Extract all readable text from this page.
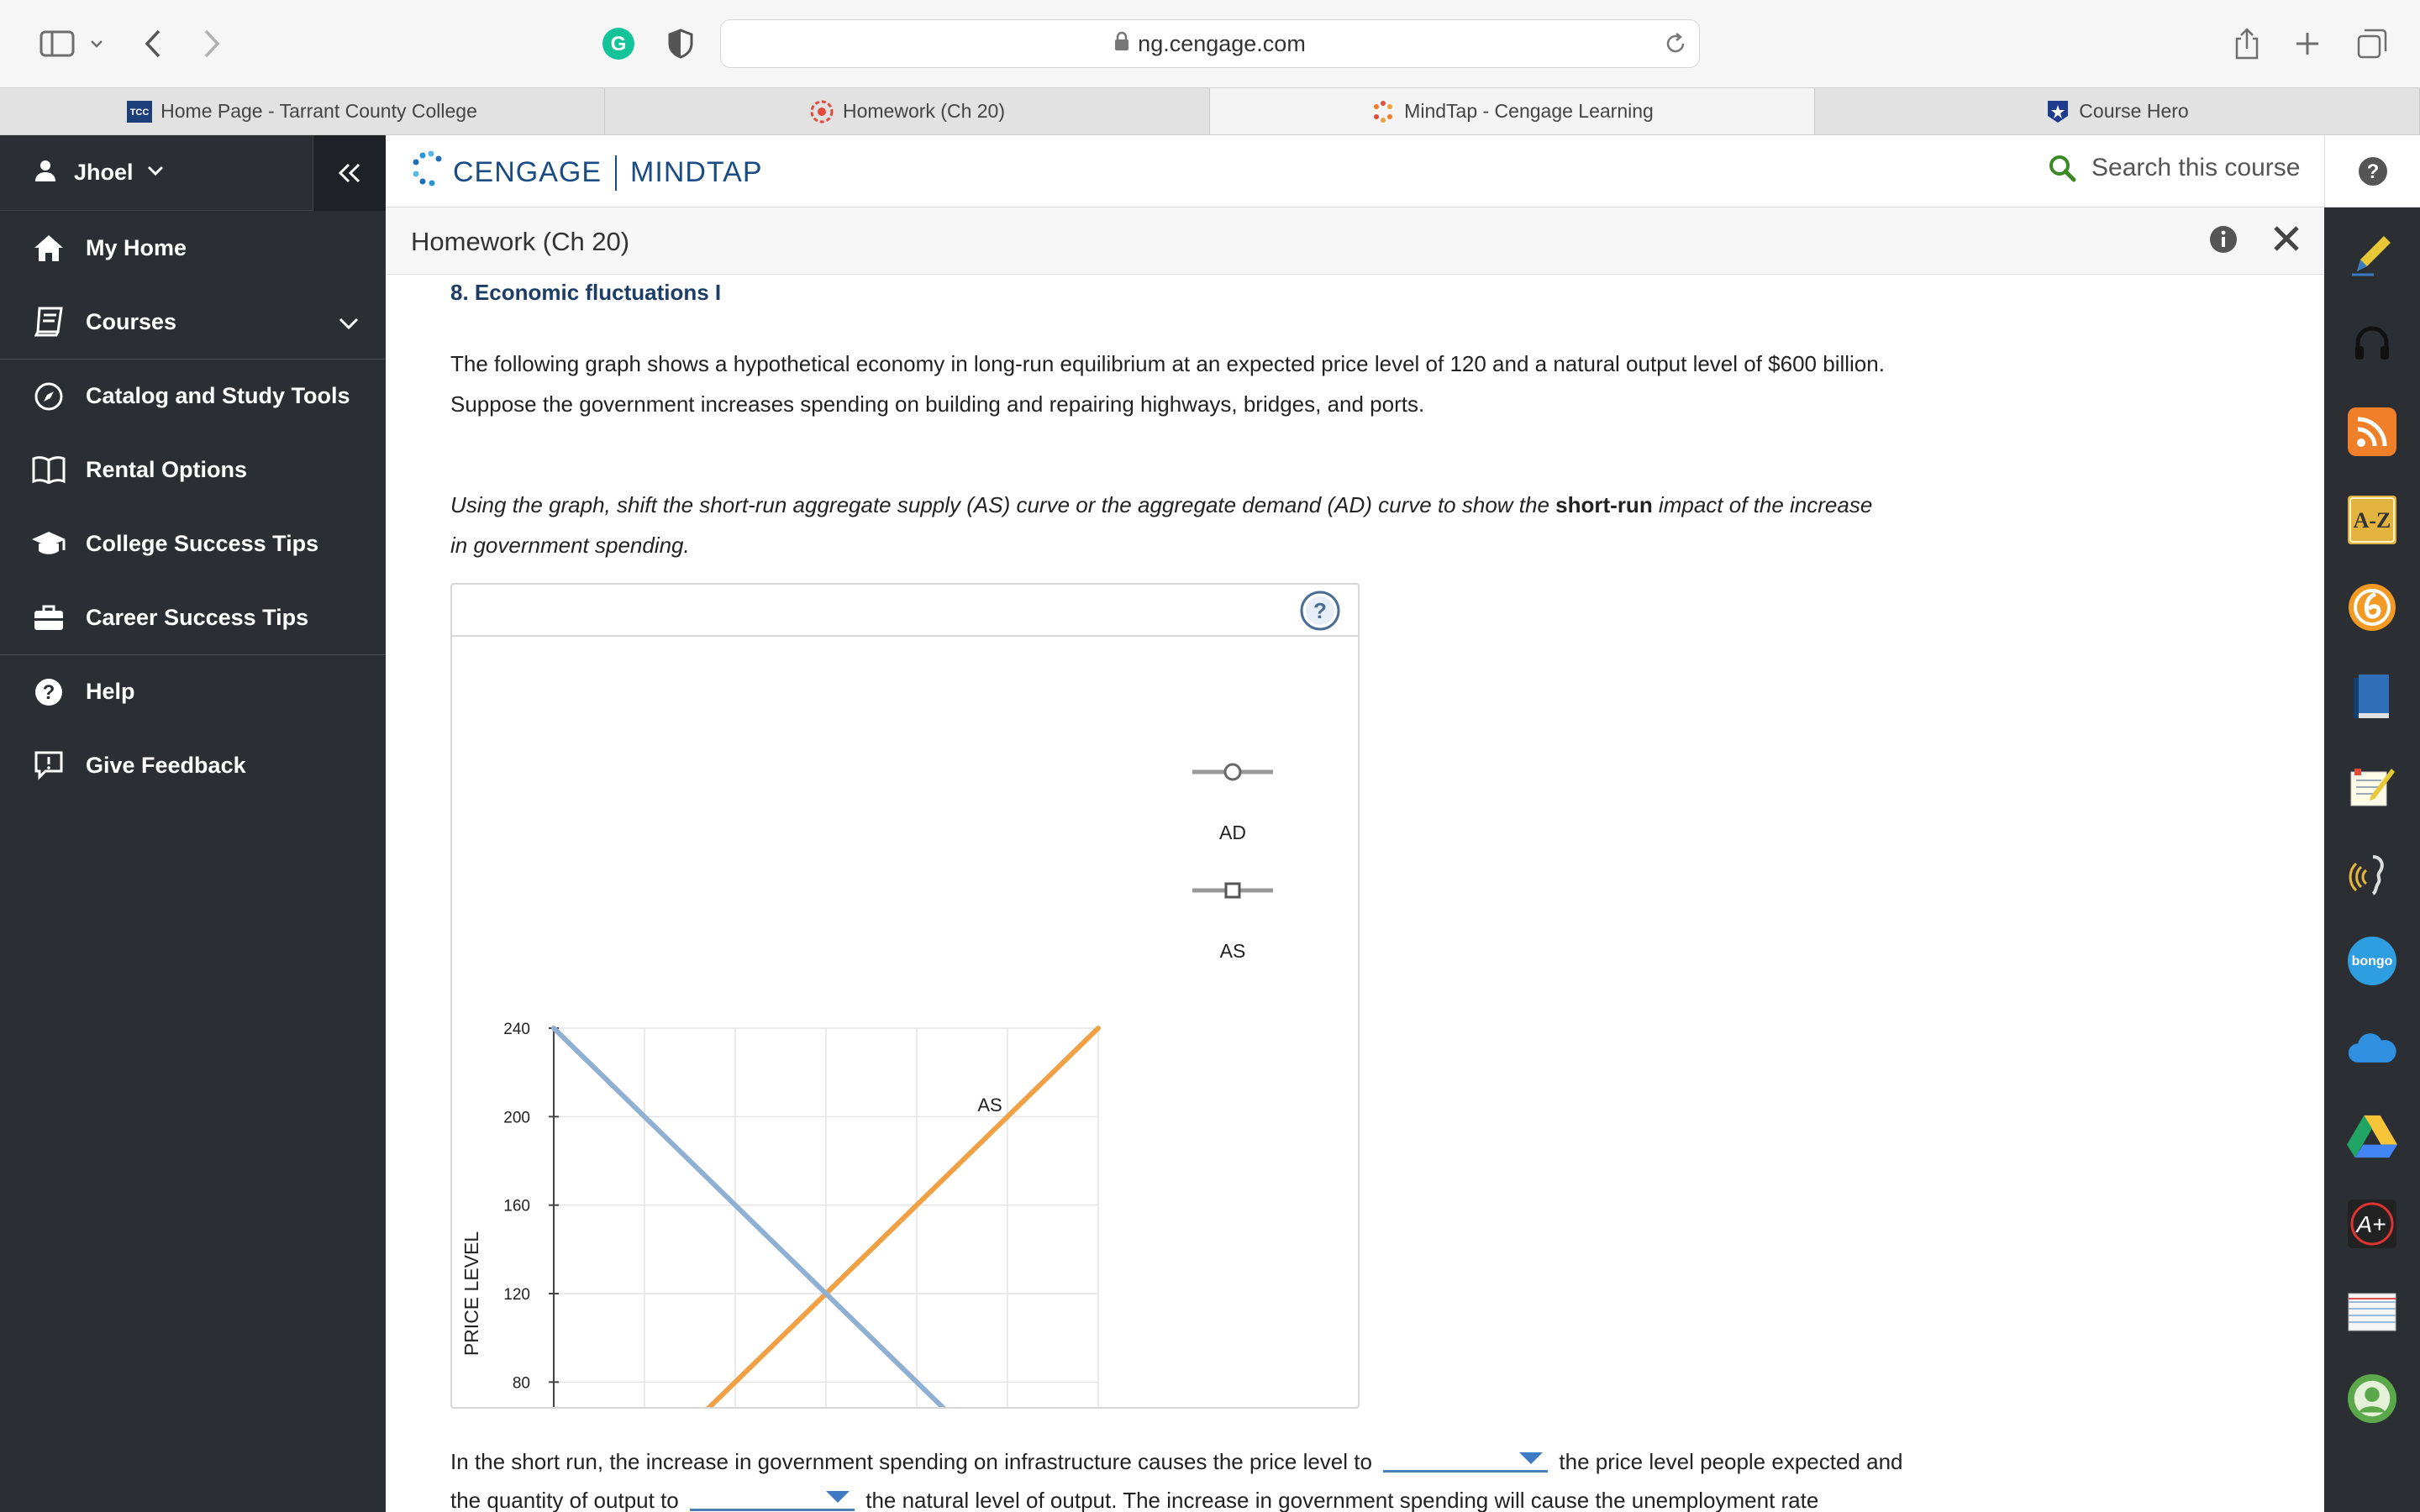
G	ng.cengage.com
TCC Home Page - Tarrant County College	Homework (Ch 20)	MindTap - Cengage Learning	Course Hero
Jhoel
My Home
Courses
Catalog and Study Tools
Rental Options
College Success Tips
Career Success Tips
? Help
Give Feedback
CENGAGE MINDTAP	Search this course
Homework (Ch 20)
?
A-Z
bongo
A+
8. Economic fluctuations I
The following graph shows a hypothetical economy in long-run equilibrium at an expected price level of 120 and a natural output level of $600 billion.
Suppose the government increases spending on building and repairing highways, bridges, and ports.
Using the graph, shift the short-run aggregate supply (AS) curve or the aggregate demand (AD) curve to show the short-run impact of the increase
in government spending.
?
80
120
160
200
240
PRICE LEVEL
AS
AD
AS
In the short run, the increase in government spending on infrastructure causes the price level to	the price level people expected and
the quantity of output to	the natural level of output. The increase in government spending will cause the unemployment rate
